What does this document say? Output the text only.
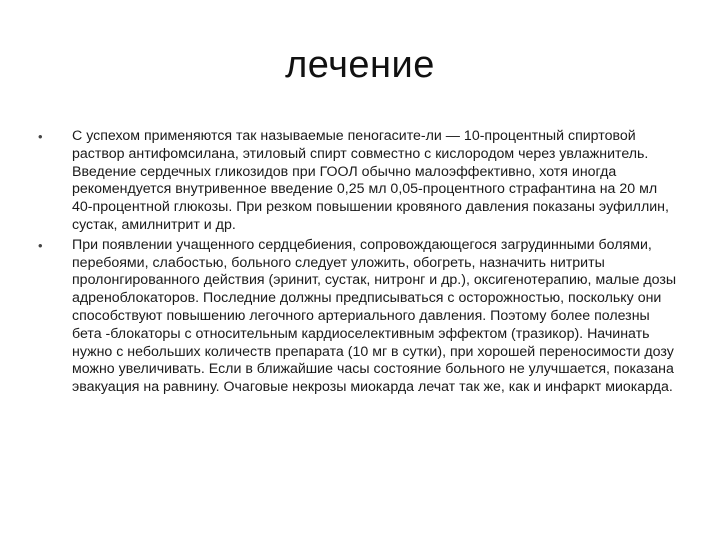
лечение
• С успехом применяются так называемые пеногасите-ли — 10-процентный спиртовой раствор антифомсилана, этиловый спирт совместно с кислородом через увлажнитель. Введение сердечных гликозидов при ГООЛ обычно малоэффективно, хотя иногда рекомендуется внутривенное введение 0,25 мл 0,05-процентного страфантина на 20 мл 40-процентной глюкозы. При резком повышении кровяного давления показаны эуфиллин, сустак, амилнитрит и др.
• При появлении учащенного сердцебиения, сопровождающегося загрудинными болями, перебоями, слабостью, больного следует уложить, обогреть, назначить нитриты пролонгированного действия (эринит, сустак, нитронг и др.), оксигенотерапию, малые дозы адреноблокаторов. Последние должны предписываться с осторожностью, поскольку они способствуют повышению легочного артериального давления. Поэтому более полезны бета -блокаторы с относительным кардиоселективным эффектом (тразикор). Начинать нужно с небольших количеств препарата (10 мг в сутки), при хорошей переносимости дозу можно увеличивать. Если в ближайшие часы состояние больного не улучшается, показана эвакуация на равнину. Очаговые некрозы миокарда лечат так же, как и инфаркт миокарда.
